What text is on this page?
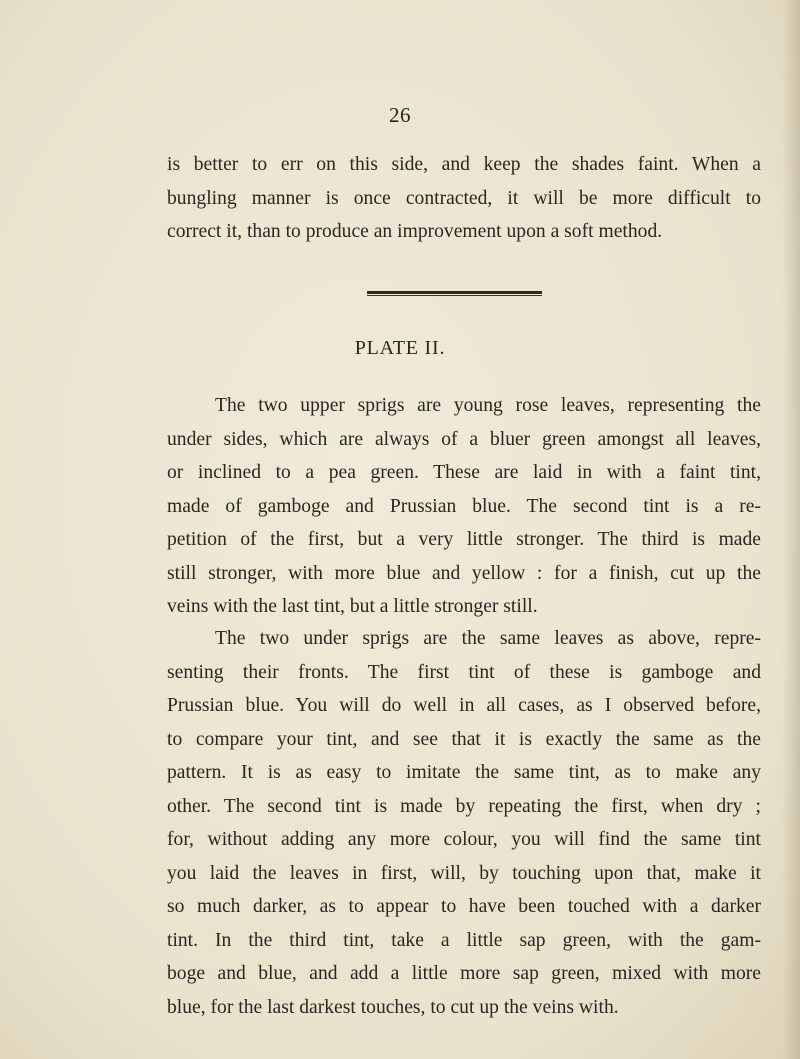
26
is better to err on this side, and keep the shades faint. When a
bungling manner is once contracted, it will be more difficult to
correct it, than to produce an improvement upon a soft method.
PLATE II.
The two upper sprigs are young rose leaves, representing the
under sides, which are always of a bluer green amongst all leaves,
or inclined to a pea green. These are laid in with a faint tint,
made of gamboge and Prussian blue. The second tint is a re-
petition of the first, but a very little stronger. The third is made
still stronger, with more blue and yellow : for a finish, cut up the
veins with the last tint, but a little stronger still.
The two under sprigs are the same leaves as above, repre-
senting their fronts. The first tint of these is gamboge and
Prussian blue. You will do well in all cases, as I observed before,
to compare your tint, and see that it is exactly the same as the
pattern. It is as easy to imitate the same tint, as to make any
other. The second tint is made by repeating the first, when dry ;
for, without adding any more colour, you will find the same tint
you laid the leaves in first, will, by touching upon that, make it
so much darker, as to appear to have been touched with a darker
tint. In the third tint, take a little sap green, with the gam-
boge and blue, and add a little more sap green, mixed with more
blue, for the last darkest touches, to cut up the veins with.
